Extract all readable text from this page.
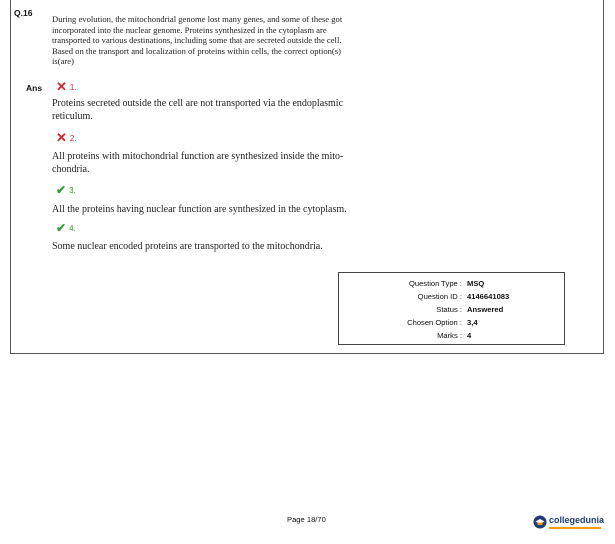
Q.16
During evolution, the mitochondrial genome lost many genes, and some of these got
incorporated into the nuclear genome. Proteins synthesized in the cytoplasm are
transported to various destinations, including some that are secreted outside the cell.
Based on the transport and localization of proteins within cells, the correct option(s)
is(are)
Ans ✕ 1.
Proteins secreted outside the cell are not transported via the endoplasmic
reticulum.
✕ 2.
All proteins with mitochondrial function are synthesized inside the mito-
chondria.
✔ 3.
All the proteins having nuclear function are synthesized in the cytoplasm.
✔ 4.
Some nuclear encoded proteins are transported to the mitochondria.
Question Type : MSQ
Question ID : 4146641083
Status : Answered
Chosen Option : 3,4
Marks : 4
Page 18/70	collegedunia
